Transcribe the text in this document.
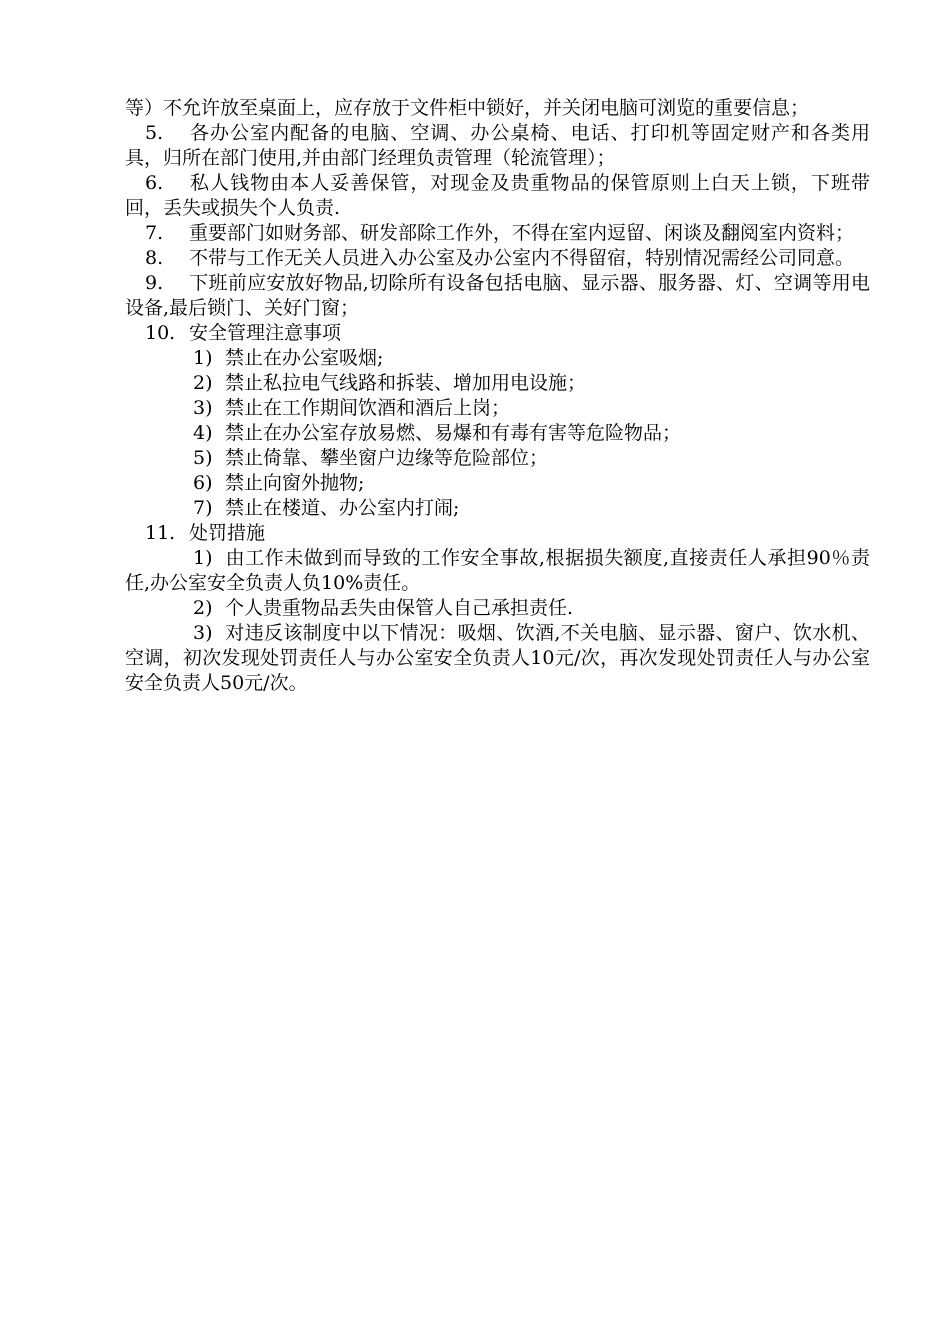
等）不允许放至桌面上，应存放于文件柜中锁好，并关闭电脑可浏览的重要信息；

5. 各办公室内配备的电脑、空调、办公桌椅、电话、打印机等固定财产和各类用具，归所在部门使用,并由部门经理负责管理（轮流管理）；

6. 私人钱物由本人妥善保管，对现金及贵重物品的保管原则上白天上锁，下班带回，丢失或损失个人负责.

7. 重要部门如财务部、研发部除工作外，不得在室内逗留、闲谈及翻阅室内资料；

8. 不带与工作无关人员进入办公室及办公室内不得留宿，特别情况需经公司同意。

9. 下班前应安放好物品,切除所有设备包括电脑、显示器、服务器、灯、空调等用电设备,最后锁门、关好门窗；

10. 安全管理注意事项

1) 禁止在办公室吸烟;

2) 禁止私拉电气线路和拆装、增加用电设施；

3) 禁止在工作期间饮酒和酒后上岗；

4) 禁止在办公室存放易燃、易爆和有毒有害等危险物品；

5) 禁止倚靠、攀坐窗户边缘等危险部位；

6) 禁止向窗外抛物;

7) 禁止在楼道、办公室内打闹;

11. 处罚措施

1) 由工作未做到而导致的工作安全事故,根据损失额度,直接责任人承担90％责任,办公室安全负责人负10%责任。

2) 个人贵重物品丢失由保管人自己承担责任.

3) 对违反该制度中以下情况：吸烟、饮酒,不关电脑、显示器、窗户、饮水机、空调，初次发现处罚责任人与办公室安全负责人10元/次，再次发现处罚责任人与办公室安全负责人50元/次。
